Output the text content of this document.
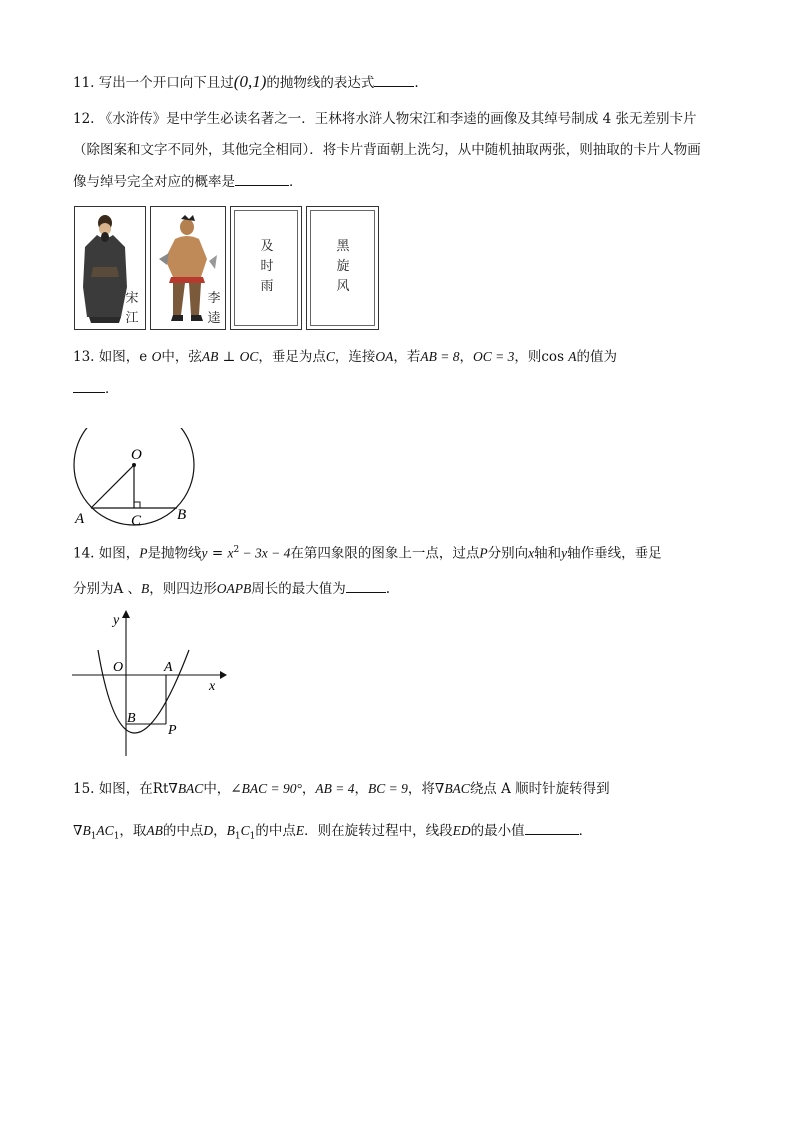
11. 写出一个开口向下且过(0,1)的抛物线的表达式	.
12. 《水浒传》是中学生必读名著之一．王林将水浒人物宋江和李逵的画像及其绰号制成 4 张无差别卡片
（除图案和文字不同外，其他完全相同）．将卡片背面朝上洗匀，从中随机抽取两张，则抽取的卡片人物画
像与绰号完全对应的概率是	．
宋
江
李
逵
及
时
雨
黑
旋
风
13. 如图，e O中，弦AB ⊥ OC，垂足为点C，连接OA，若AB = 8，OC = 3，则cos A的值为
．
O
A	B
C
14. 如图，P是抛物线$y = x^2 - 3x - 4$在第四象限的图象上一点，过点P分别向x轴和y轴作垂线，垂足
分别为A 、B，则四边形OAPB周长的最大值为	.
y
x
O	A
B
P
15. 如图，在Rt∇BAC中，∠BAC = 90°，AB = 4，BC = 9，将∇BAC绕点 A 顺时针旋转得到
$\nabla B_1AC_1$，取AB的中点D，$B_1C_1$的中点E．则在旋转过程中，线段ED的最小值	．
